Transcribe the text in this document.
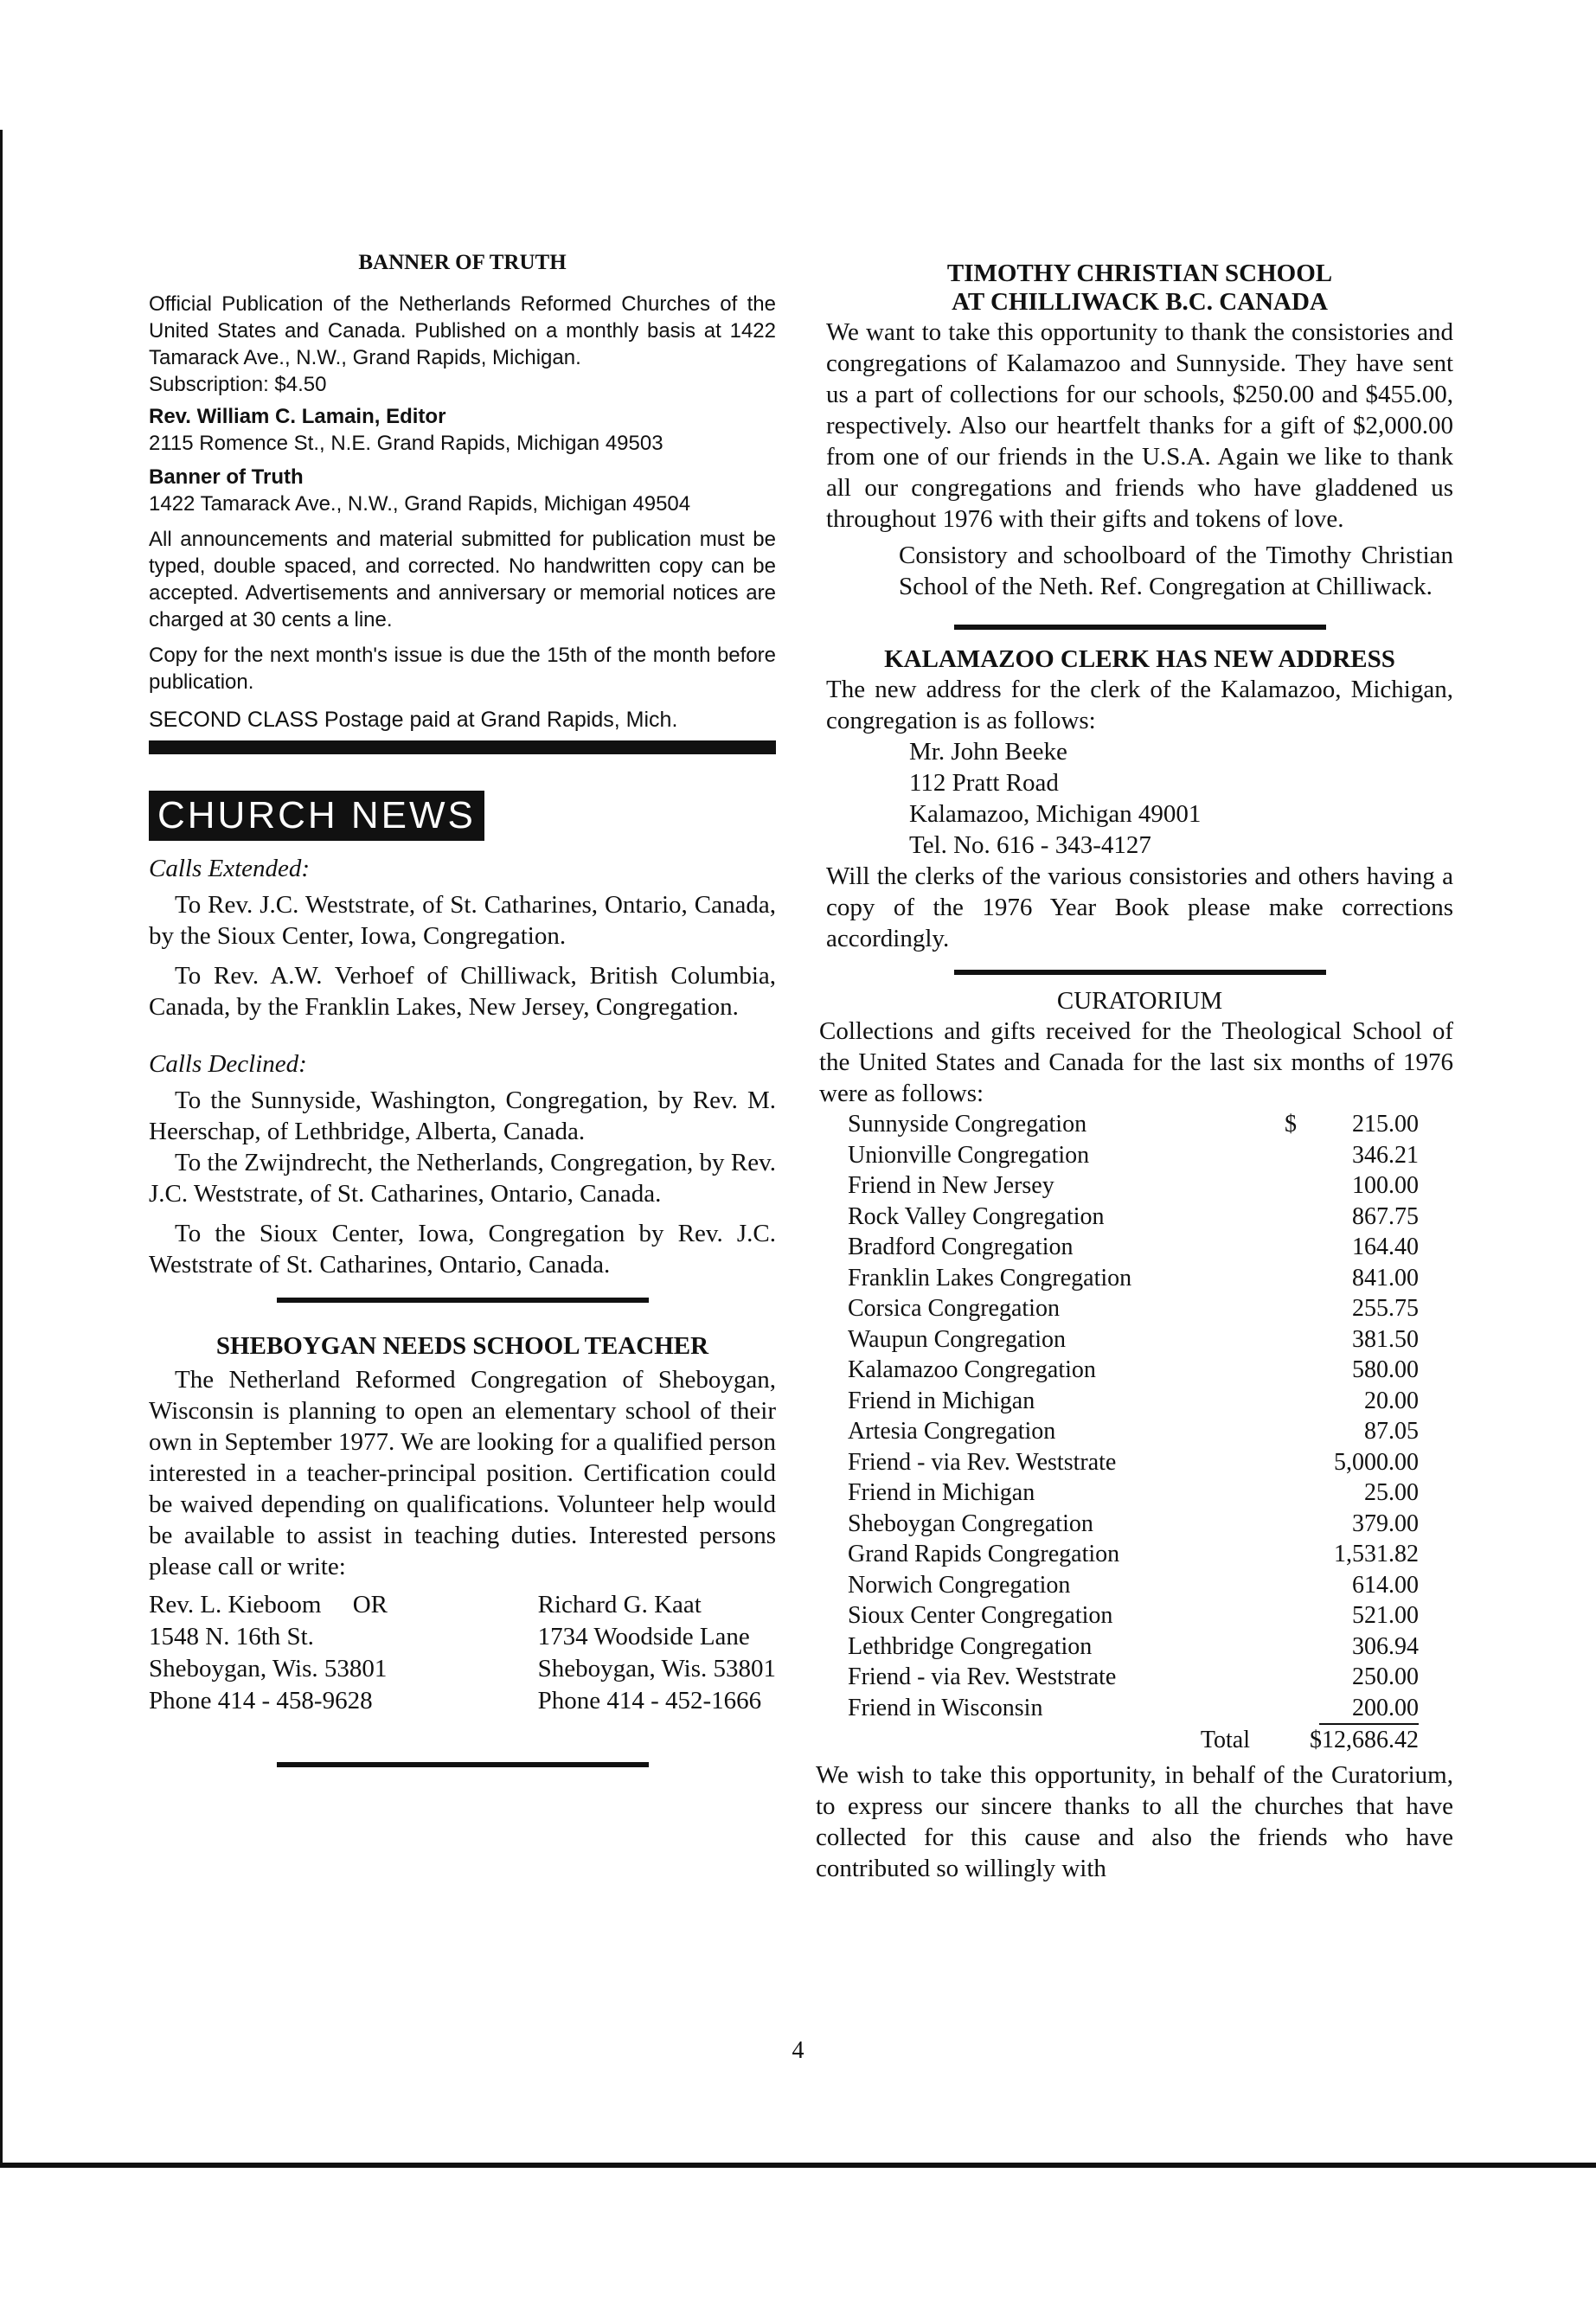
BANNER OF TRUTH

Official Publication of the Netherlands Reformed Churches of the United States and Canada. Published on a monthly basis at 1422 Tamarack Ave., N.W., Grand Rapids, Michigan.

Subscription: $4.50

Rev. William C. Lamain, Editor

2115 Romence St., N.E. Grand Rapids, Michigan 49503

Banner of Truth

1422 Tamarack Ave., N.W., Grand Rapids, Michigan 49504

All announcements and material submitted for publication must be typed, double spaced, and corrected. No handwritten copy can be accepted. Advertisements and anniversary or memorial notices are charged at 30 cents a line.

Copy for the next month's issue is due the 15th of the month before publication.

SECOND CLASS Postage paid at Grand Rapids, Mich.

CHURCH NEWS

Calls Extended:

To Rev. J.C. Weststrate, of St. Catharines, Ontario, Canada, by the Sioux Center, Iowa, Congregation.

To Rev. A.W. Verhoef of Chilliwack, British Columbia, Canada, by the Franklin Lakes, New Jersey, Congregation.

Calls Declined:

To the Sunnyside, Washington, Congregation, by Rev. M. Heerschap, of Lethbridge, Alberta, Canada.

To the Zwijndrecht, the Netherlands, Congregation, by Rev. J.C. Weststrate, of St. Catharines, Ontario, Canada.

To the Sioux Center, Iowa, Congregation by Rev. J.C. Weststrate of St. Catharines, Ontario, Canada.

SHEBOYGAN NEEDS SCHOOL TEACHER

The Netherland Reformed Congregation of Sheboygan, Wisconsin is planning to open an elementary school of their own in September 1977. We are looking for a qualified person interested in a teacher-principal position. Certification could be waived depending on qualifications. Volunteer help would be available to assist in teaching duties. Interested persons please call or write:

Rev. L. Kieboom OR
1548 N. 16th St.
Sheboygan, Wis. 53801
Phone 414 - 458-9628
Richard G. Kaat
1734 Woodside Lane
Sheboygan, Wis. 53801
Phone 414 - 452-1666
TIMOTHY CHRISTIAN SCHOOL
AT CHILLIWACK B.C. CANADA

We want to take this opportunity to thank the consistories and congregations of Kalamazoo and Sunnyside. They have sent us a part of collections for our schools, $250.00 and $455.00, respectively. Also our heartfelt thanks for a gift of $2,000.00 from one of our friends in the U.S.A. Again we like to thank all our congregations and friends who have gladdened us throughout 1976 with their gifts and tokens of love.

Consistory and schoolboard of the Timothy Christian School of the Neth. Ref. Congregation at Chilliwack.

KALAMAZOO CLERK HAS NEW ADDRESS

The new address for the clerk of the Kalamazoo, Michigan, congregation is as follows:

Mr. John Beeke
112 Pratt Road
Kalamazoo, Michigan 49001
Tel. No. 616 - 343-4127

Will the clerks of the various consistories and others having a copy of the 1976 Year Book please make corrections accordingly.

CURATORIUM

Collections and gifts received for the Theological School of the United States and Canada for the last six months of 1976 were as follows:

Sunnyside Congregation	$	215.00
Unionville Congregation		346.21
Friend in New Jersey		100.00
Rock Valley Congregation		867.75
Bradford Congregation		164.40
Franklin Lakes Congregation		841.00
Corsica Congregation		255.75
Waupun Congregation		381.50
Kalamazoo Congregation		580.00
Friend in Michigan		20.00
Artesia Congregation		87.05
Friend - via Rev. Weststrate		5,000.00
Friend in Michigan		25.00
Sheboygan Congregation		379.00
Grand Rapids Congregation		1,531.82
Norwich Congregation		614.00
Sioux Center Congregation		521.00
Lethbridge Congregation		306.94
Friend - via Rev. Weststrate		250.00
Friend in Wisconsin		200.00
Total	$12,686.42	

We wish to take this opportunity, in behalf of the Curatorium, to express our sincere thanks to all the churches that have collected for this cause and also the friends who have contributed so willingly with

4
